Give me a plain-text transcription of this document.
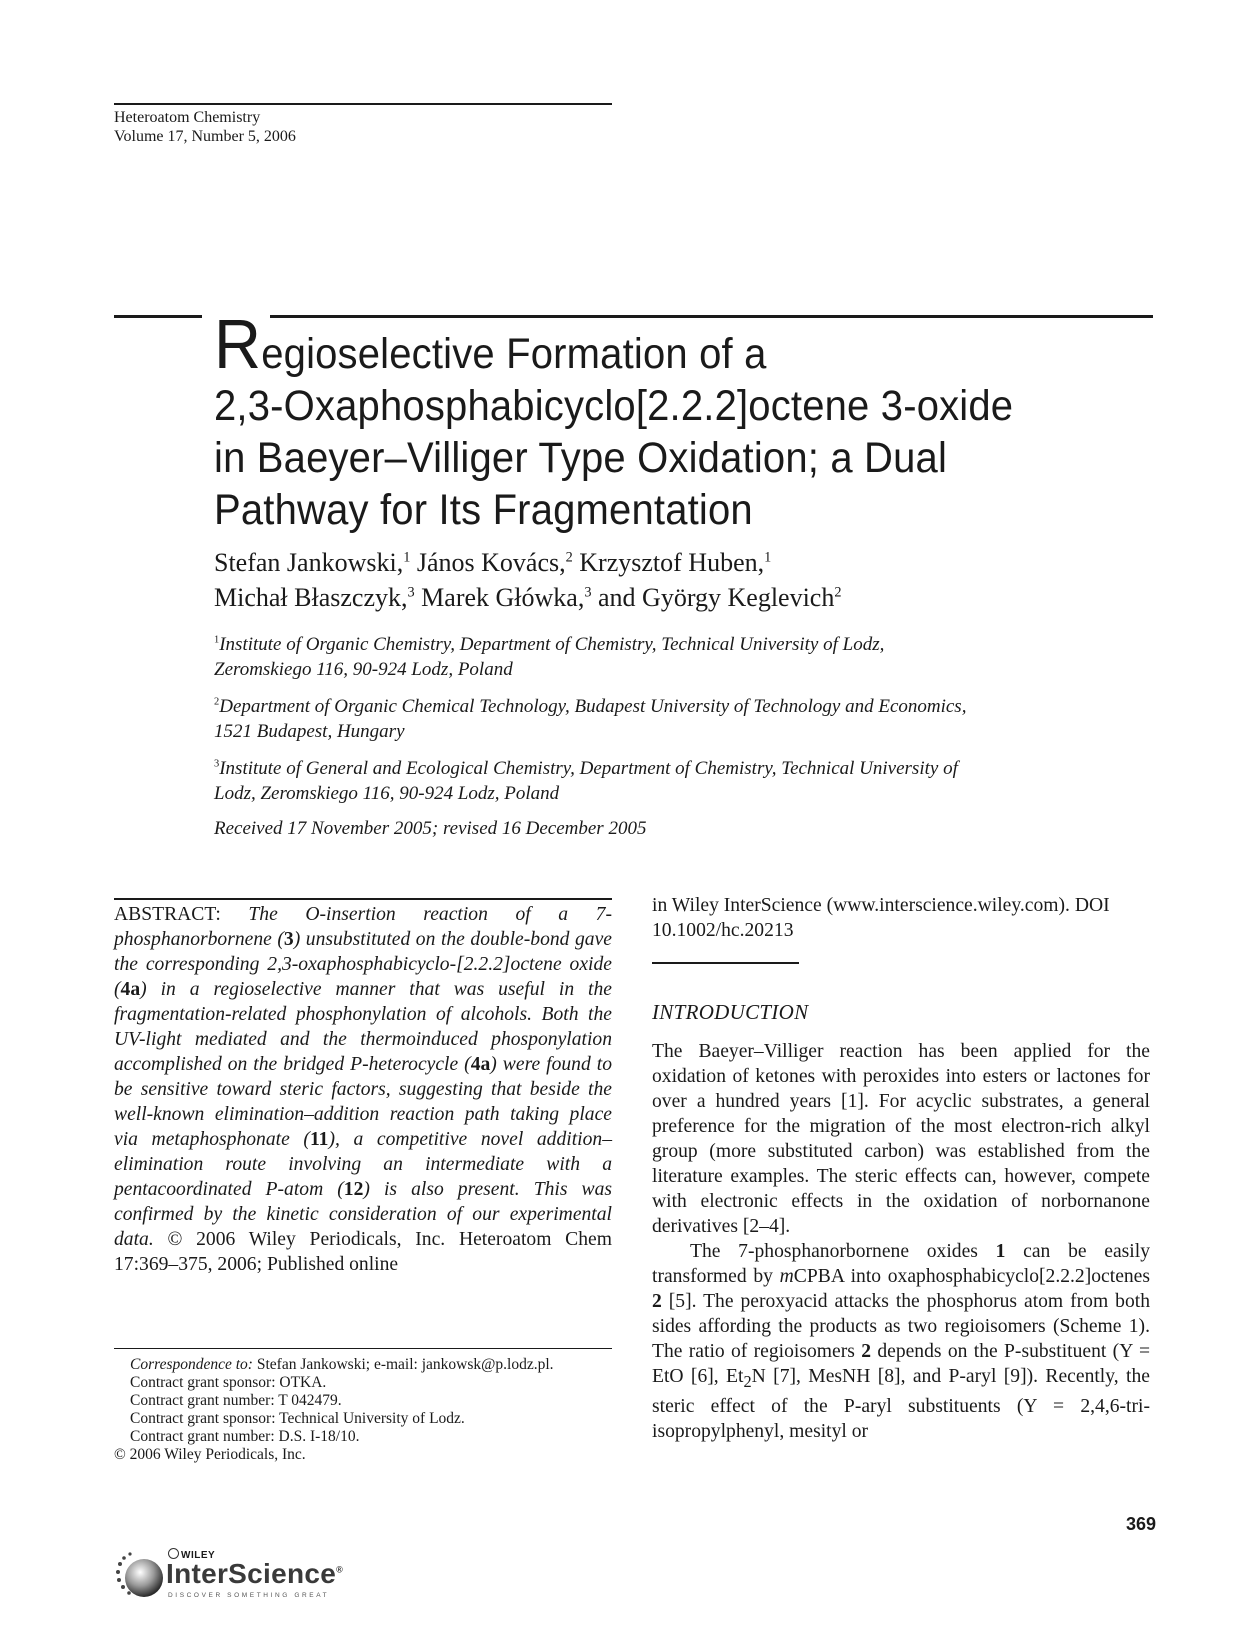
Heteroatom Chemistry
Volume 17, Number 5, 2006
Regioselective Formation of a
2,3-Oxaphosphabicyclo[2.2.2]octene 3-oxide
in Baeyer–Villiger Type Oxidation; a Dual
Pathway for Its Fragmentation
Stefan Jankowski,$^1$ János Kovács,$^2$ Krzysztof Huben,$^1$
Michał Błaszczyk,$^3$ Marek Główka,$^3$ and György Keglevich$^2$
$^1$Institute of Organic Chemistry, Department of Chemistry, Technical University of Lodz,
Zeromskiego 116, 90-924 Lodz, Poland
$^2$Department of Organic Chemical Technology, Budapest University of Technology and Economics,
1521 Budapest, Hungary
$^3$Institute of General and Ecological Chemistry, Department of Chemistry, Technical University of
Lodz, Zeromskiego 116, 90-924 Lodz, Poland
Received 17 November 2005; revised 16 December 2005

ABSTRACT: The O-insertion reaction of a 7-phosphanorbornene (3) unsubstituted on the double-bond gave the corresponding 2,3-oxaphosphabicyclo-[2.2.2]octene oxide (4a) in a regioselective manner that was useful in the fragmentation-related phosphonylation of alcohols. Both the UV-light mediated and the thermoinduced phosponylation accomplished on the bridged P-heterocycle (4a) were found to be sensitive toward steric factors, suggesting that beside the well-known elimination–addition reaction path taking place via metaphosphonate (11), a competitive novel addition–elimination route involving an intermediate with a pentacoordinated P-atom (12) is also present. This was confirmed by the kinetic consideration of our experimental data. © 2006 Wiley Periodicals, Inc. Heteroatom Chem 17:369–375, 2006; Published online

Correspondence to: Stefan Jankowski; e-mail: jankowsk@p.lodz.pl.
Contract grant sponsor: OTKA.
Contract grant number: T 042479.
Contract grant sponsor: Technical University of Lodz.
Contract grant number: D.S. I-18/10.
© 2006 Wiley Periodicals, Inc.

in Wiley InterScience (www.interscience.wiley.com). DOI 10.1002/hc.20213

INTRODUCTION

The Baeyer–Villiger reaction has been applied for the oxidation of ketones with peroxides into esters or lactones for over a hundred years [1]. For acyclic substrates, a general preference for the migration of the most electron-rich alkyl group (more substituted carbon) was established from the literature examples. The steric effects can, however, compete with electronic effects in the oxidation of norbornanone derivatives [2–4].

The 7-phosphanorbornene oxides 1 can be easily transformed by mCPBA into oxaphosphabicyclo[2.2.2]octenes 2 [5]. The peroxyacid attacks the phosphorus atom from both sides affording the products as two regioisomers (Scheme 1). The ratio of regioisomers 2 depends on the P-substituent (Y = EtO [6], $Et_2N$ [7], MesNH [8], and P-aryl [9]). Recently, the steric effect of the P-aryl substituents (Y = 2,4,6-tri-isopropylphenyl, mesityl or

WILEY
InterScience®
DISCOVER SOMETHING GREAT
369
